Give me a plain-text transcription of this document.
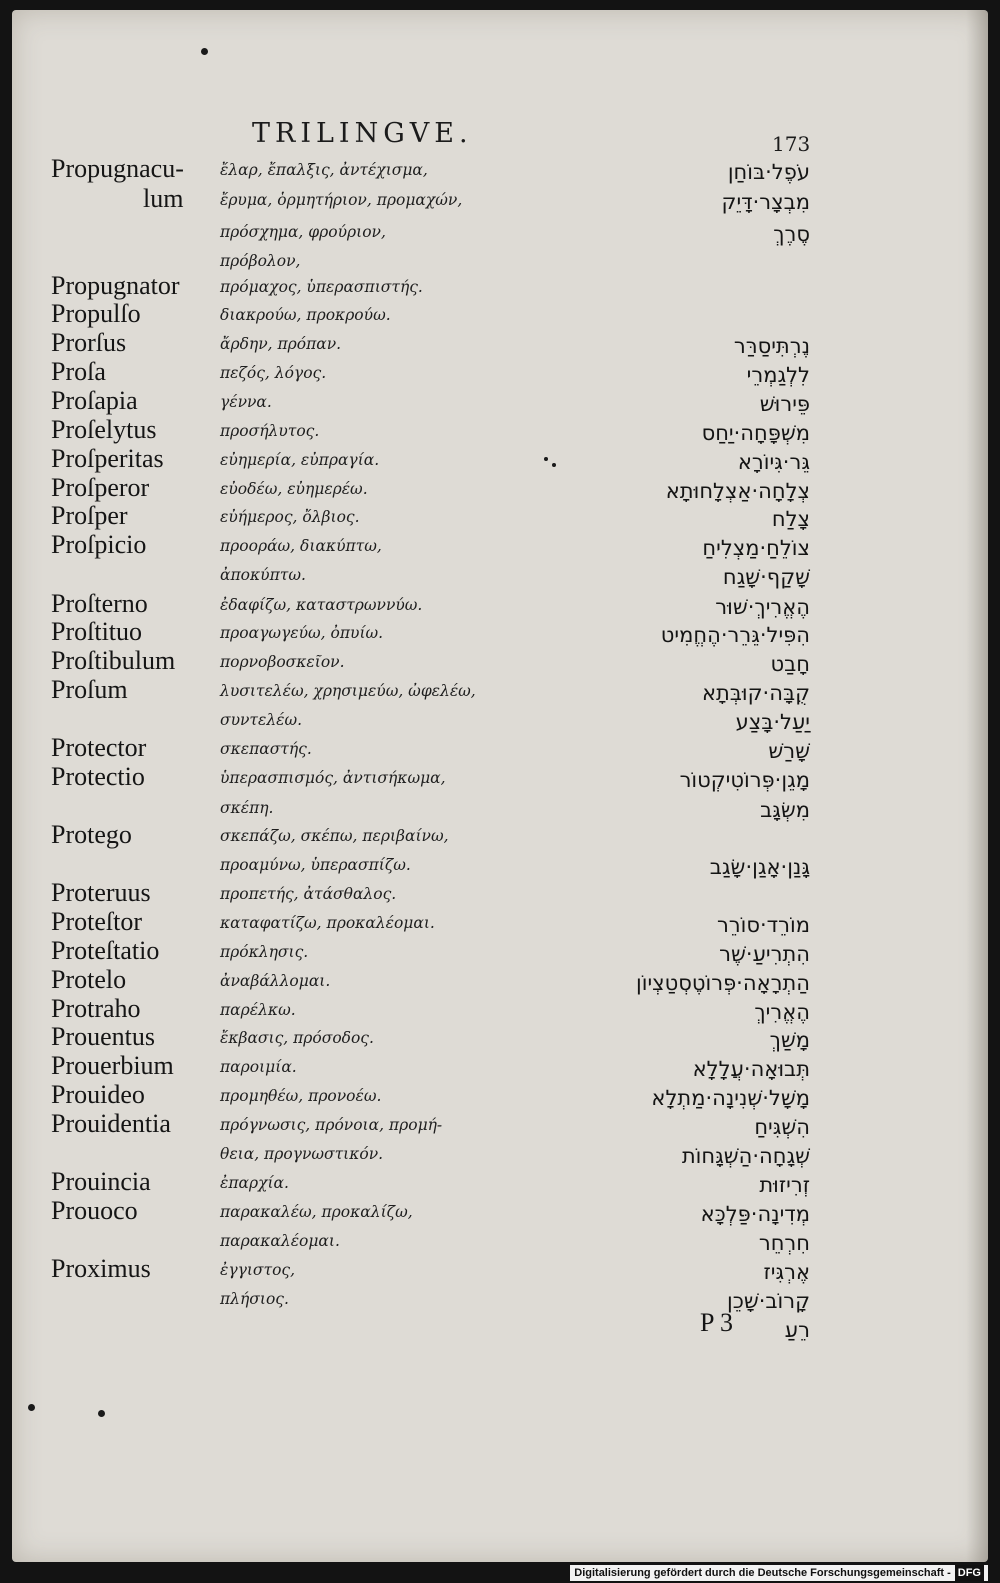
TRILINGVE.	173
Propugnacu- ἔλαρ, ἔπαλξις, ἀντέχισμα,	עֹפֶל·בּוֹחַן
lum ἔρυμα, ὁρμητήριον, προμαχών,	מִבְצָר·דָּיֵק
πρόσχημα, φρούριον,	סֶרֶךְ
πρόβολον,
Propugnator	πρόμαχος, ὑπερασπιστής.
Propulſo	διακρούω, προκρούω.
Prorſus	ἄρδην, πρόπαν.	נֶרְתִּיסַרַּר
Proſa	πεζός, λόγος.	לִלְגַמְרֵי
Proſapia	γέννα.	פֵּירוּשׁ
Proſelytus	προσήλυτος.	מִשְׁפָּחָה·יַחַס
Proſperitas	εὐημερία, εὐπραγία.	גֵּר·גִּיוֹרָא
Proſperor	εὐοδέω, εὐημερέω.	צְלָחָה·אַצְלָחוּתָא
Proſper	εὐήμερος, ὄλβιος.	צָלַח
Proſpicio	προοράω, διακύπτω,	צוֹלֵחַ·מַצְלִיחַ
ἀποκύπτω.	שָׁקַף·שָׁגַח
Proſterno	ἐδαφίζω, καταστρωννύω.	הֶאֱרִיךְ·שׁוּר
Proſtituo	προαγωγεύω, ὀπυίω.	הִפִּיל·גֵּרֵר·הֶחֱמִיט
Proſtibulum	πορνοβοσκεῖον.	חָבַט
Proſum	λυσιτελέω, χρησιμεύω, ὠφελέω,	קֻבָּה·קוּבְּתָא
συντελέω.	יַעַל·בָּצַע
Protector	σκεπαστής.	שָׁרַשׁ
Protectio	ὑπερασπισμός, ἀντισήκωμα,	מָגֵן·פְּרוֹטִיקְטוֹר
σκέπη.	מִשְׂגָּב
Protego	σκεπάζω, σκέπω, περιβαίνω,
προαμύνω, ὑπερασπίζω.	גָּנַן·אָגַן·שָׂגַב
Proteruus	προπετής, ἀτάσθαλος.
Proteſtor	καταφατίζω, προκαλέομαι.	מוֹרֵד·סוֹרֵר
Proteſtatio	πρόκλησις.	הִתְרִיעַ·שֶׁר
Protelo	ἀναβάλλομαι.	הַתְרָאָה·פְּרוֹטֶסְטַצְיוֹן
Protraho	παρέλκω.	הֶאֱרִיךְ
Prouentus	ἔκβασις, πρόσοδος.	מָשַׁךְ
Prouerbium	παροιμία.	תְּבוּאָה·עֲלָלָא
Prouideo	προμηθέω, προνοέω.	מָשָׁל·שְׁנִינָה·מַתְלָא
Prouidentia	πρόγνωσις, πρόνοια, προμή-	הִשְׁגִּיחַ
θεια, προγνωστικόν.	שְׁגָחָה·הַשְׁגָּחוֹת
Prouincia	ἐπαρχία.	זְרִיזוּת
Prouoco	παρακαλέω, προκαλίζω,	מְדִינָה·פַּלְכָּא
παρακαλέομαι.	חִרְחֵר
Proximus	ἐγγιστος,	אֶרְגִּיז
πλήσιος.	קָרוֹב·שָׁכֵן
רֵעַ
P 3
Digitalisierung gefördert durch die Deutsche Forschungsgemeinschaft - DFG
